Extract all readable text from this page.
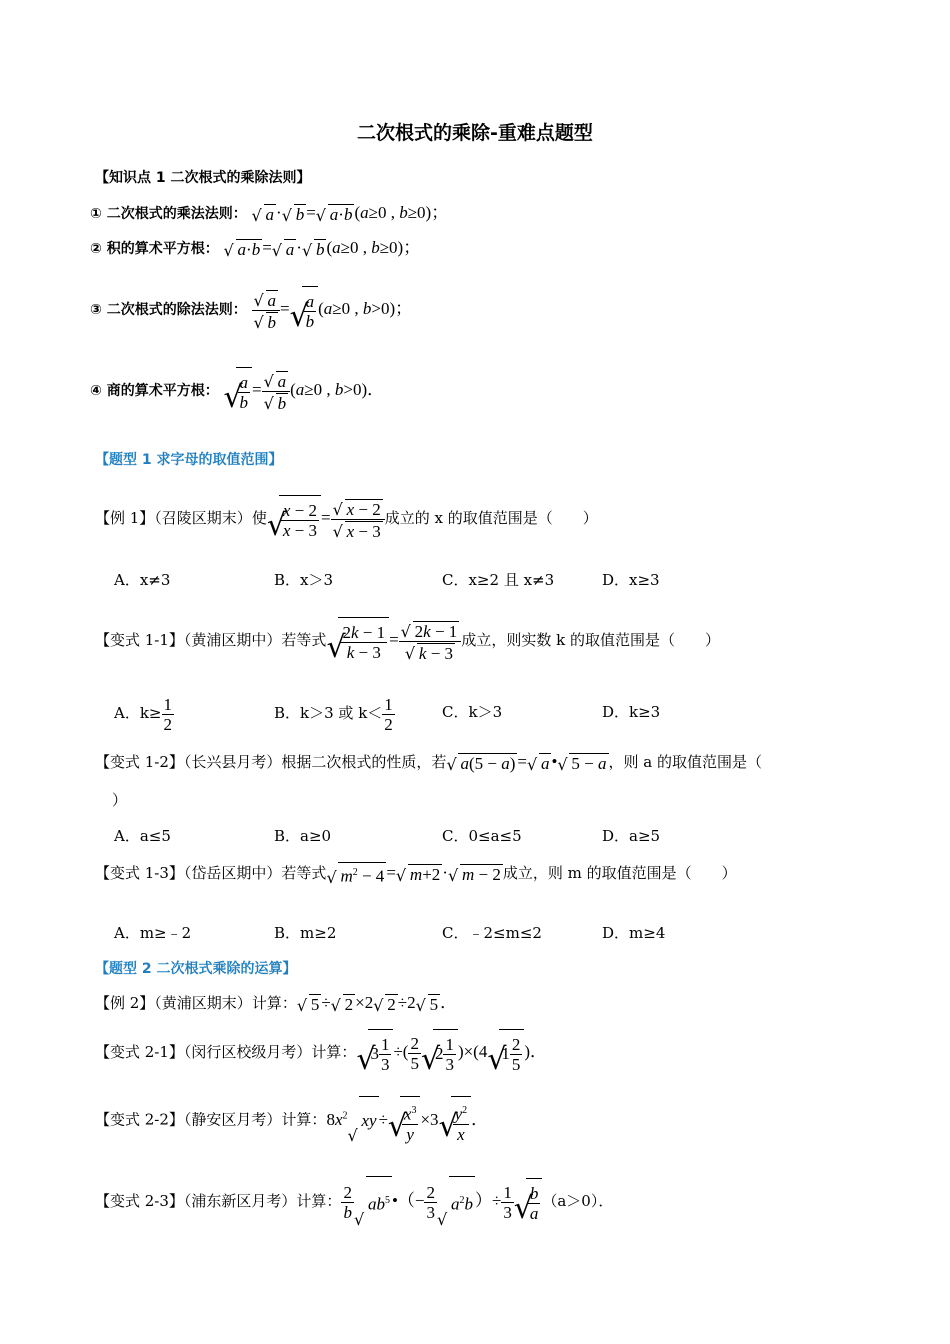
二次根式的乘除-重难点题型
【知识点 1 二次根式的乘除法则】
① 二次根式的乘法法则： √ a ·√ b =√ a·b (a≥0 , b≥0)；
② 积的算术平方根： √ a·b =√ a ·√ b (a≥0 , b≥0)；
③ 二次根式的除法法则：
√ a
√ b =
√ $\frac{a}{b} (a\ge 0$ , b>0)；
④ 商的算术平方根：
√ $\frac{a}{b}$ =
√ a
√ b (a≥0 , b>0)．
【题型 1 求字母的取值范围】
【例 1】（召陵区期末）使
√ $\frac{x - 2}{x - 3}$ =
√ x − 2
√ x − 3 成立的 x 的取值范围是（　　）
A．x≠3	B．x＞3	C．x≥2 且 x≠3	D．x≥3
【变式 1-1】（黄浦区期中）若等式
√ $\frac{2k - 1}{k - 3}$ =
√ 2k − 1
√ k − 3 成立，则实数 k 的取值范围是（　　）
A．$k\ge \frac{1}{2}$	B．k＞3 或 $k< \frac{1}{2}$	C．k＞3	D．k≥3
【变式 1-2】（长兴县月考）根据二次根式的性质，若√ a(5 − a) =√ a •√ 5 − a ，则 a 的取值范围是（
）
A．a≤5	B．a≥0	C．0≤a≤5	D．a≥5
【变式 1-3】（岱岳区期中）若等式√ $m^2 - 4$ =√ m+2 ·√ m − 2 成立，则 m 的取值范围是（　　）
A．m≥﹣2	B．m≥2	C．﹣2≤m≤2	D．m≥4
【题型 2 二次根式乘除的运算】
【例 2】（黄浦区期末）计算：√ 5 ÷√ 2 ×2√ 2 ÷2√ 5 ．
【变式 2-1】（闵行区校级月考）计算：√ $3 \frac{1}{3}$ ÷( $\frac{2}{5}$
√ $2 \frac{1}{3} )\times(4√$ $1 \frac{2}{5}$ )．
【变式 2-2】（静安区月考）计算：$8x^2√$ xy ÷
√ $\frac{x^3}{y} \times 3$
√ $\frac{y^2}{x}$ ．
【变式 2-3】（浦东新区月考）计算： $\frac{2}{b}$
√ $ab^5$ •（− $\frac{2}{3}$
√ $a^2b$ ）÷ $\frac{1}{3}$
√ $\frac{b}{a} (a>0)$．
